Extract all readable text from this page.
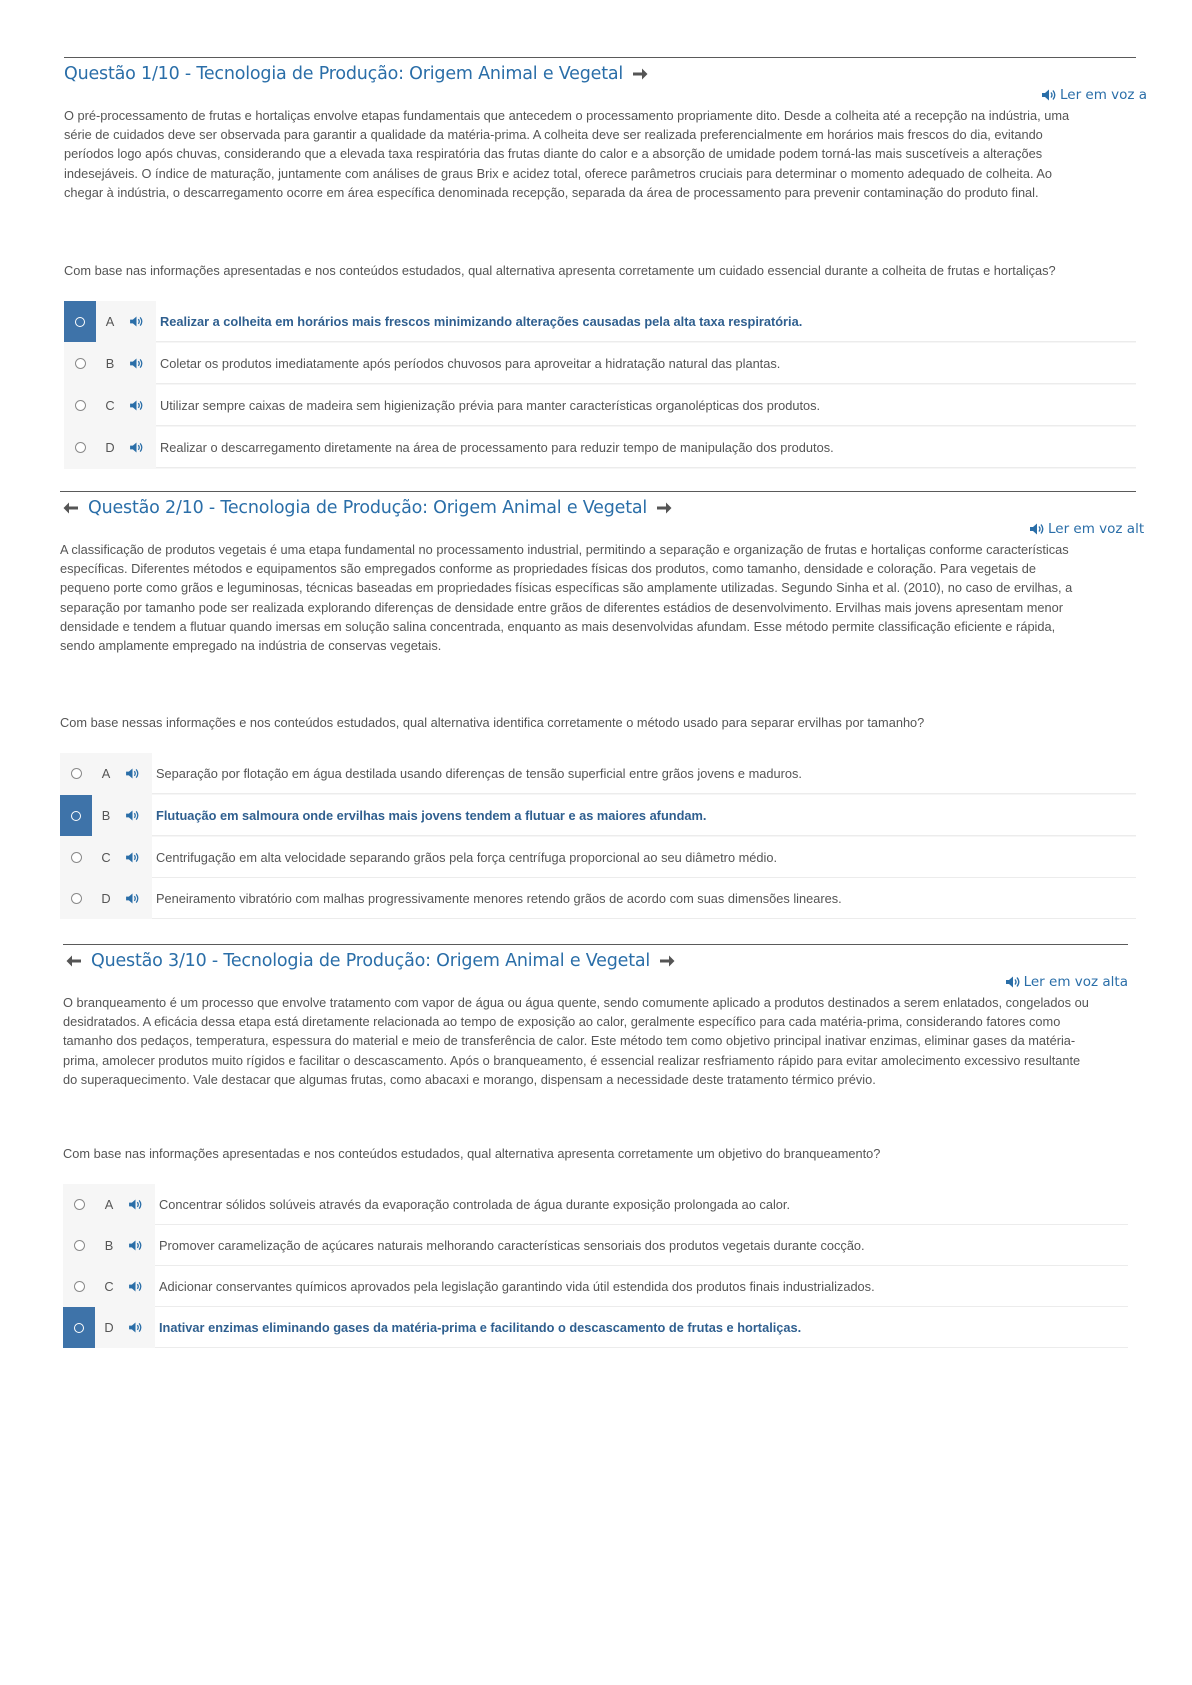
Questão 1/10 - Tecnologia de Produção: Origem Animal e Vegetal
Ler em voz a
O pré-processamento de frutas e hortaliças envolve etapas fundamentais que antecedem o processamento propriamente dito. Desde a colheita até a recepção na indústria, uma
série de cuidados deve ser observada para garantir a qualidade da matéria-prima. A colheita deve ser realizada preferencialmente em horários mais frescos do dia, evitando
períodos logo após chuvas, considerando que a elevada taxa respiratória das frutas diante do calor e a absorção de umidade podem torná-las mais suscetíveis a alterações
indesejáveis. O índice de maturação, juntamente com análises de graus Brix e acidez total, oferece parâmetros cruciais para determinar o momento adequado de colheita. Ao
chegar à indústria, o descarregamento ocorre em área específica denominada recepção, separada da área de processamento para prevenir contaminação do produto final.
Com base nas informações apresentadas e nos conteúdos estudados, qual alternativa apresenta corretamente um cuidado essencial durante a colheita de frutas e hortaliças?
A	Realizar a colheita em horários mais frescos minimizando alterações causadas pela alta taxa respiratória.
B	Coletar os produtos imediatamente após períodos chuvosos para aproveitar a hidratação natural das plantas.
C	Utilizar sempre caixas de madeira sem higienização prévia para manter características organolépticas dos produtos.
D	Realizar o descarregamento diretamente na área de processamento para reduzir tempo de manipulação dos produtos.
Questão 2/10 - Tecnologia de Produção: Origem Animal e Vegetal
Ler em voz alt
A classificação de produtos vegetais é uma etapa fundamental no processamento industrial, permitindo a separação e organização de frutas e hortaliças conforme características
específicas. Diferentes métodos e equipamentos são empregados conforme as propriedades físicas dos produtos, como tamanho, densidade e coloração. Para vegetais de
pequeno porte como grãos e leguminosas, técnicas baseadas em propriedades físicas específicas são amplamente utilizadas. Segundo Sinha et al. (2010), no caso de ervilhas, a
separação por tamanho pode ser realizada explorando diferenças de densidade entre grãos de diferentes estádios de desenvolvimento. Ervilhas mais jovens apresentam menor
densidade e tendem a flutuar quando imersas em solução salina concentrada, enquanto as mais desenvolvidas afundam. Esse método permite classificação eficiente e rápida,
sendo amplamente empregado na indústria de conservas vegetais.
Com base nessas informações e nos conteúdos estudados, qual alternativa identifica corretamente o método usado para separar ervilhas por tamanho?
A	Separação por flotação em água destilada usando diferenças de tensão superficial entre grãos jovens e maduros.
B	Flutuação em salmoura onde ervilhas mais jovens tendem a flutuar e as maiores afundam.
C	Centrifugação em alta velocidade separando grãos pela força centrífuga proporcional ao seu diâmetro médio.
D	Peneiramento vibratório com malhas progressivamente menores retendo grãos de acordo com suas dimensões lineares.
Questão 3/10 - Tecnologia de Produção: Origem Animal e Vegetal
Ler em voz alta
O branqueamento é um processo que envolve tratamento com vapor de água ou água quente, sendo comumente aplicado a produtos destinados a serem enlatados, congelados ou
desidratados. A eficácia dessa etapa está diretamente relacionada ao tempo de exposição ao calor, geralmente específico para cada matéria-prima, considerando fatores como
tamanho dos pedaços, temperatura, espessura do material e meio de transferência de calor. Este método tem como objetivo principal inativar enzimas, eliminar gases da matéria-
prima, amolecer produtos muito rígidos e facilitar o descascamento. Após o branqueamento, é essencial realizar resfriamento rápido para evitar amolecimento excessivo resultante
do superaquecimento. Vale destacar que algumas frutas, como abacaxi e morango, dispensam a necessidade deste tratamento térmico prévio.
Com base nas informações apresentadas e nos conteúdos estudados, qual alternativa apresenta corretamente um objetivo do branqueamento?
A	Concentrar sólidos solúveis através da evaporação controlada de água durante exposição prolongada ao calor.
B	Promover caramelização de açúcares naturais melhorando características sensoriais dos produtos vegetais durante cocção.
C	Adicionar conservantes químicos aprovados pela legislação garantindo vida útil estendida dos produtos finais industrializados.
D	Inativar enzimas eliminando gases da matéria-prima e facilitando o descascamento de frutas e hortaliças.
